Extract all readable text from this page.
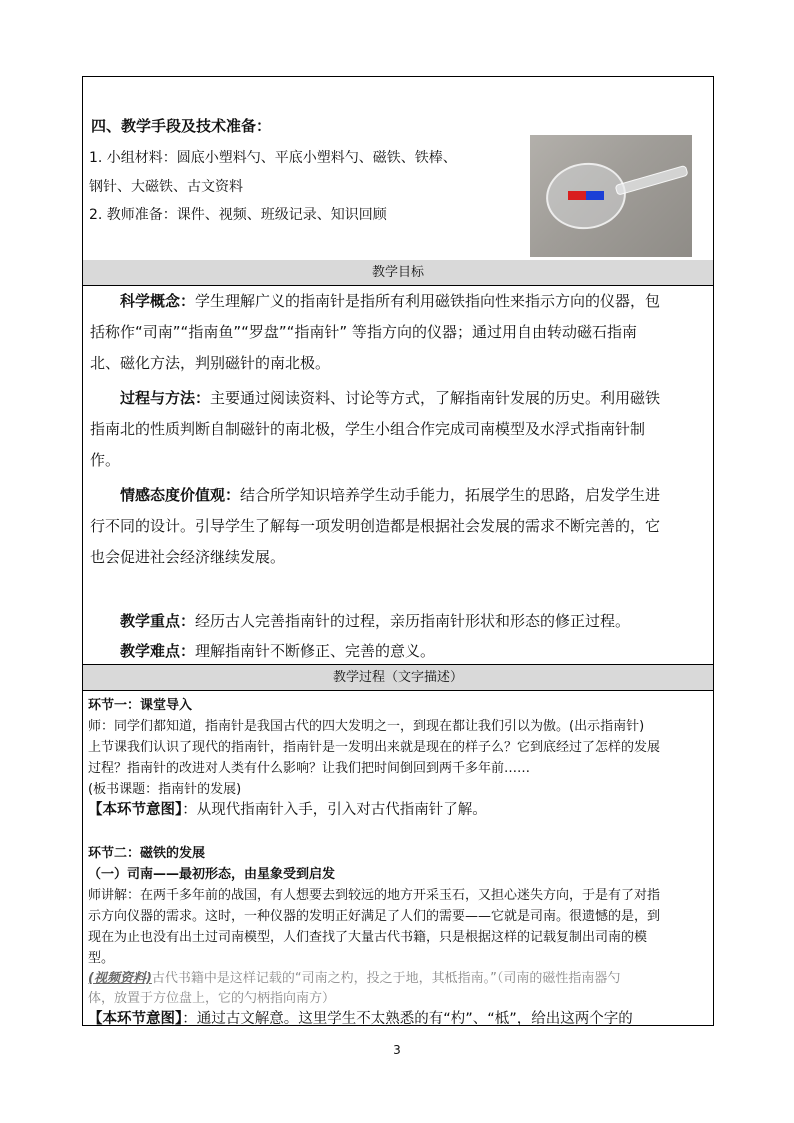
四、教学手段及技术准备：
1. 小组材料：圆底小塑料勺、平底小塑料勺、磁铁、铁棒、
钢针、大磁铁、古文资料
2. 教师准备：课件、视频、班级记录、知识回顾
教学目标
科学概念：学生理解广义的指南针是指所有利用磁铁指向性来指示方向的仪器，包
括称作“司南”“指南鱼”“罗盘”“指南针” 等指方向的仪器；通过用自由转动磁石指南
北、磁化方法，判别磁针的南北极。
过程与方法：主要通过阅读资料、讨论等方式，了解指南针发展的历史。利用磁铁
指南北的性质判断自制磁针的南北极，学生小组合作完成司南模型及水浮式指南针制
作。
情感态度价值观：结合所学知识培养学生动手能力，拓展学生的思路，启发学生进
行不同的设计。引导学生了解每一项发明创造都是根据社会发展的需求不断完善的，它
也会促进社会经济继续发展。
教学重点：经历古人完善指南针的过程，亲历指南针形状和形态的修正过程。
教学难点：理解指南针不断修正、完善的意义。
教学过程（文字描述）
环节一：课堂导入
师：同学们都知道，指南针是我国古代的四大发明之一，到现在都让我们引以为傲。(出示指南针)
上节课我们认识了现代的指南针，指南针是一发明出来就是现在的样子么？它到底经过了怎样的发展
过程？指南针的改进对人类有什么影响？让我们把时间倒回到两千多年前……
(板书课题：指南针的发展)
【本环节意图】：从现代指南针入手，引入对古代指南针了解。
环节二：磁铁的发展
（一）司南——最初形态，由星象受到启发
师讲解：在两千多年前的战国，有人想要去到较远的地方开采玉石，又担心迷失方向，于是有了对指
示方向仪器的需求。这时，一种仪器的发明正好满足了人们的需要——它就是司南。很遗憾的是，到
现在为止也没有出土过司南模型，人们查找了大量古代书籍，只是根据这样的记载复制出司南的模
型。
(视频资料)古代书籍中是这样记载的“司南之杓，投之于地，其柢指南。”（司南的磁性指南器勺
体，放置于方位盘上，它的勺柄指向南方）
【本环节意图】：通过古文解意。这里学生不太熟悉的有“杓”、“柢”，给出这两个字的
3
